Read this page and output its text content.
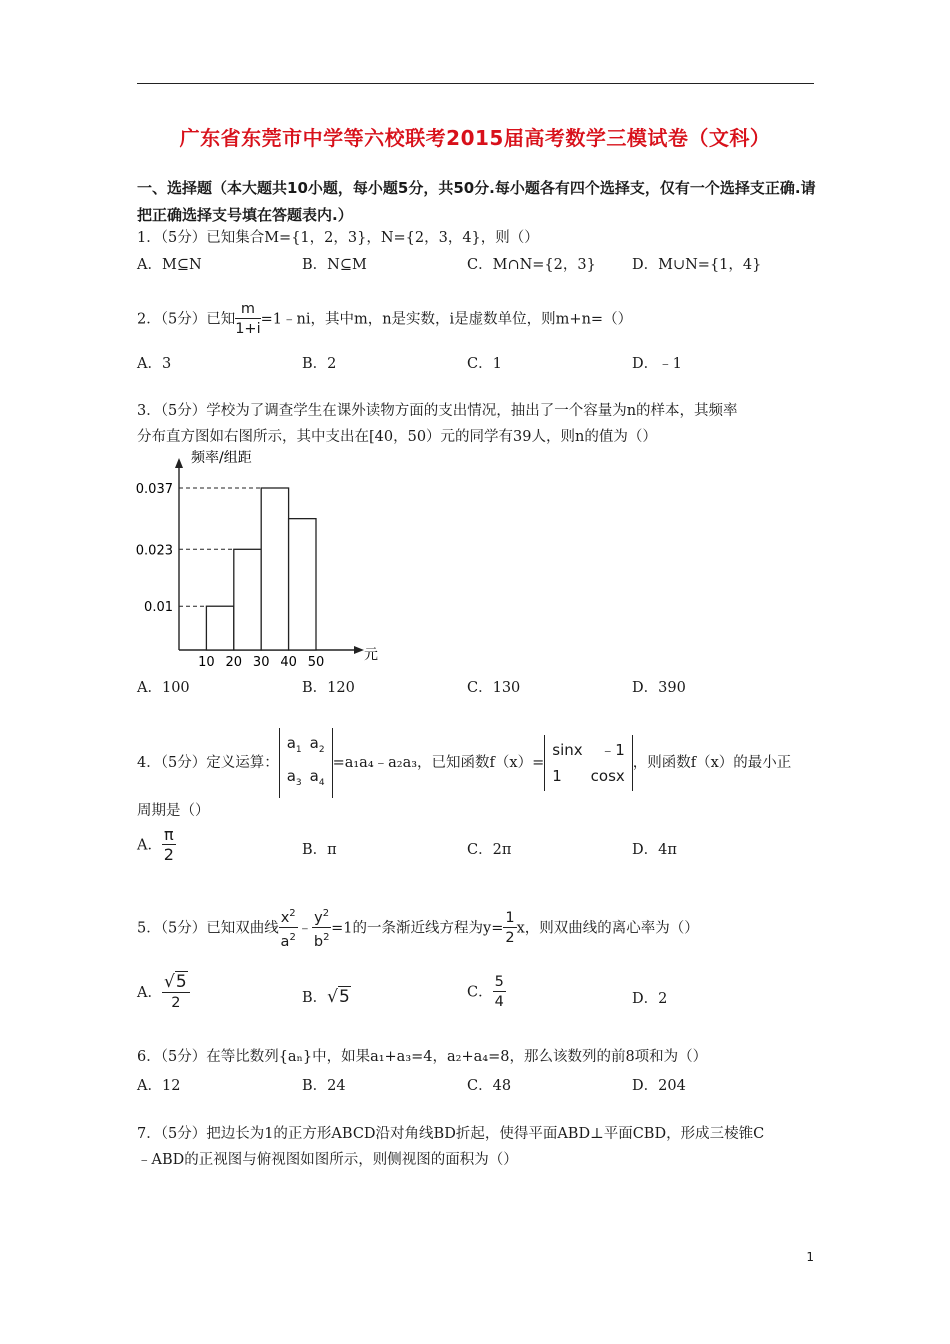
广东省东莞市中学等六校联考2015届高考数学三模试卷（文科）
一、选择题（本大题共10小题，每小题5分，共50分.每小题各有四个选择支，仅有一个选择支正确.请把正确选择支号填在答题表内.）
1．（5分）已知集合M={1，2，3}，N={2，3，4}，则（）
A．M⊆N	B．N⊆M	C．M∩N={2，3} D．M∪N={1，4}
2．（5分）已知 $\frac{m}{1+i}$ =1﹣ni，其中m，n是实数，i是虚数单位，则m+n=（）
A．3	B．2	C．1	D．﹣1
3．（5分）学校为了调查学生在课外读物方面的支出情况，抽出了一个容量为n的样本，其频率
分布直方图如右图所示，其中支出在[40，50）元的同学有39人，则n的值为（）
频率/组距
元
0.01
0.023
0.037
10 20 30 40 50
A．100	B．120	C．130	D．390
4．（5分）定义运算：
$a_1$	$a_2$
$a_3$	$a_4$
=a₁a₄﹣a₂a₃，已知函数f（x）=
sinx	﹣1
1	cosx
，则函数f（x）的最小正
周期是（）
A． $\frac{\pi}{2}$	B．π	C．2π	D．4π
5．（5分）已知双曲线 $\frac{x^2}{a^2}$ ﹣ $\frac{y^2}{b^2} =1$的一条渐近线方程为$y= \frac{1}{2}$ x，则双曲线的离心率为（）
A． $\frac{√5}{2}$	B．√5	C． $\frac{5}{4}$	D．2
6．（5分）在等比数列{aₙ}中，如果a₁+a₃=4，a₂+a₄=8，那么该数列的前8项和为（）
A．12	B．24	C．48	D．204
7．（5分）把边长为1的正方形ABCD沿对角线BD折起，使得平面ABD⊥平面CBD，形成三棱锥C
﹣ABD的正视图与俯视图如图所示，则侧视图的面积为（）
1
